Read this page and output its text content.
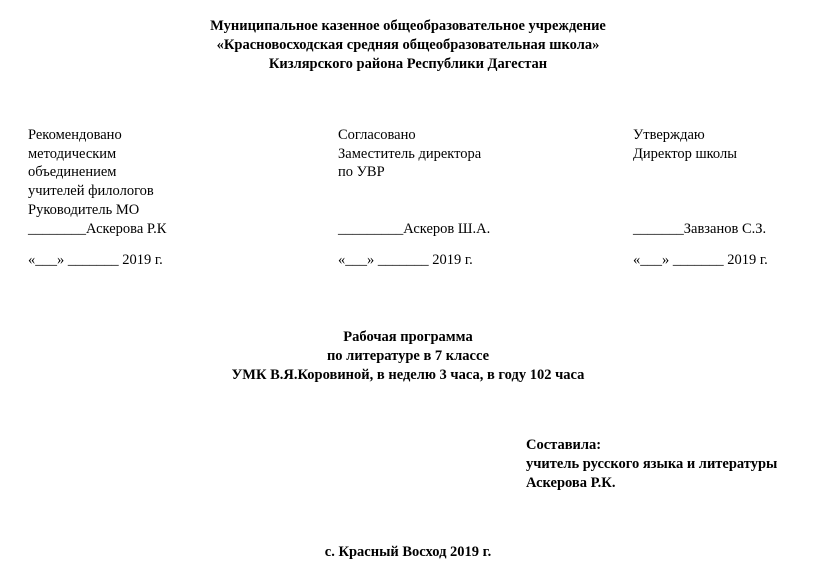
Муниципальное казенное общеобразовательное учреждение
«Красновосходская средняя общеобразовательная школа»
Кизлярского района Республики Дагестан
Рекомендовано
методическим
объединением
учителей филологов
Руководитель МО
________Аскерова Р.К
«___» _______ 2019 г.
Согласовано
Заместитель директора
по УВР

_________Аскеров Ш.А.
«___» _______ 2019 г.
Утверждаю
Директор школы

_______Завзанов С.З.
«___» _______ 2019 г.
Рабочая программа
по литературе в 7 классе
УМК В.Я.Коровиной, в неделю 3 часа, в году 102 часа
Составила:
учитель русского языка и литературы
Аскерова Р.К.
с. Красный Восход 2019 г.
